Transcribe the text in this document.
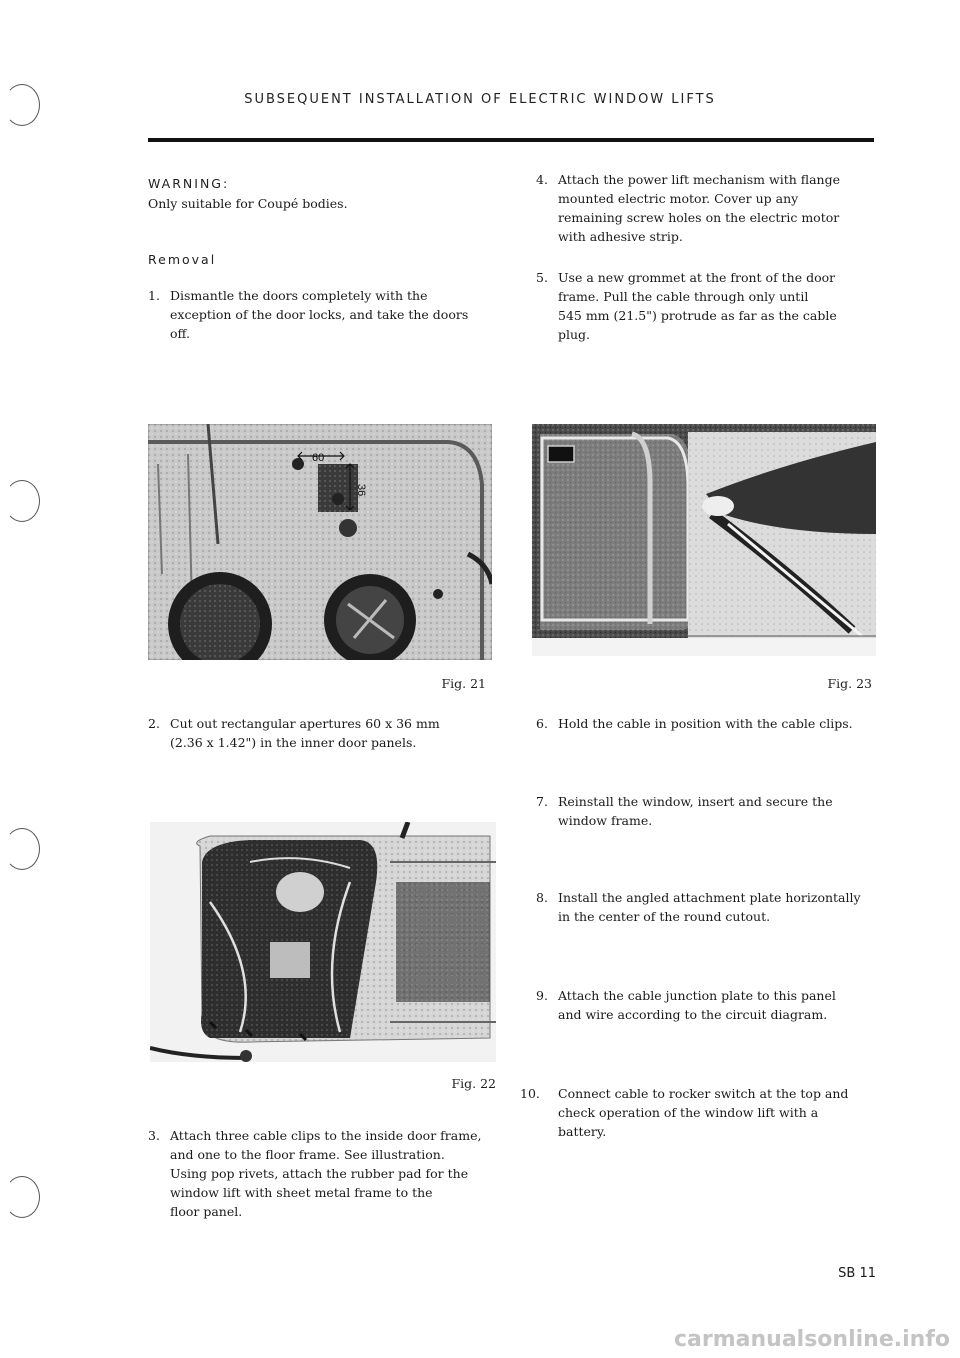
SUBSEQUENT INSTALLATION OF ELECTRIC WINDOW LIFTS
WARNING:
Only suitable for Coupé bodies.
Removal
1. Dismantle the doors completely with the
exception of the door locks, and take the doors
off.
60
36
Fig. 21
2. Cut out rectangular apertures 60 x 36 mm
(2.36 x 1.42") in the inner door panels.
Fig. 22
3. Attach three cable clips to the inside door frame,
and one to the floor frame. See illustration.
Using pop rivets, attach the rubber pad for the
window lift with sheet metal frame to the
floor panel.
4. Attach the power lift mechanism with flange
mounted electric motor. Cover up any
remaining screw holes on the electric motor
with adhesive strip.
5. Use a new grommet at the front of the door
frame. Pull the cable through only until
545 mm (21.5") protrude as far as the cable
plug.
Fig. 23
6. Hold the cable in position with the cable clips.
7. Reinstall the window, insert and secure the
window frame.
8. Install the angled attachment plate horizontally
in the center of the round cutout.
9. Attach the cable junction plate to this panel
and wire according to the circuit diagram.
10.	Connect cable to rocker switch at the top and
check operation of the window lift with a
battery.
SB 11
carmanualsonline.info
